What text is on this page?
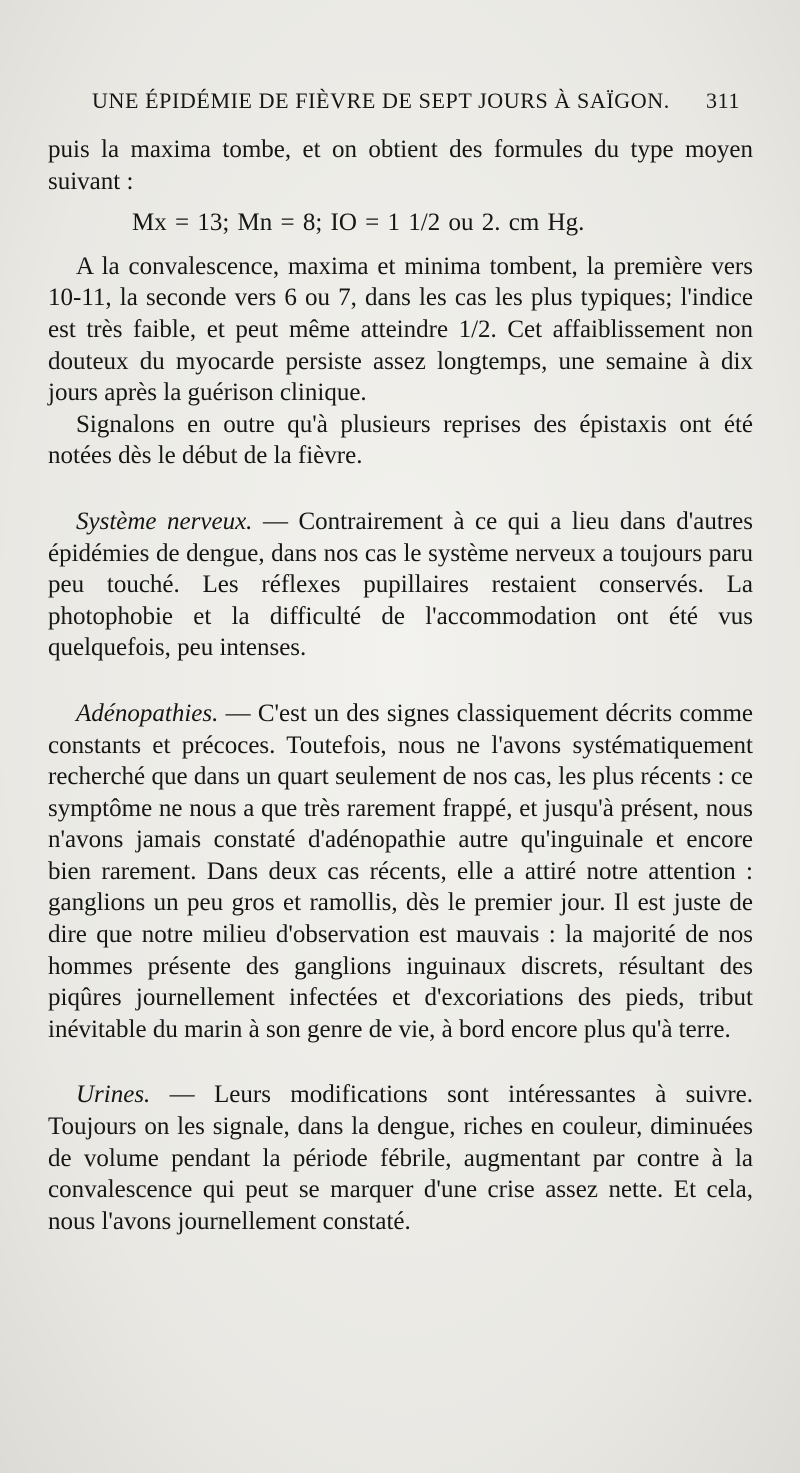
UNE ÉPIDÉMIE DE FIÈVRE DE SEPT JOURS À SAÏGON. 311

puis la maxima tombe, et on obtient des formules du type moyen suivant :

Mx = 13; Mn = 8; IO = 1 1/2 ou 2. cm Hg.

A la convalescence, maxima et minima tombent, la première vers 10-11, la seconde vers 6 ou 7, dans les cas les plus typiques; l'indice est très faible, et peut même atteindre 1/2. Cet affaiblissement non douteux du myocarde persiste assez longtemps, une semaine à dix jours après la guérison clinique.

Signalons en outre qu'à plusieurs reprises des épistaxis ont été notées dès le début de la fièvre.

Système nerveux. — Contrairement à ce qui a lieu dans d'autres épidémies de dengue, dans nos cas le système nerveux a toujours paru peu touché. Les réflexes pupillaires restaient conservés. La photophobie et la difficulté de l'accommodation ont été vus quelquefois, peu intenses.

Adénopathies. — C'est un des signes classiquement décrits comme constants et précoces. Toutefois, nous ne l'avons systématiquement recherché que dans un quart seulement de nos cas, les plus récents : ce symptôme ne nous a que très rarement frappé, et jusqu'à présent, nous n'avons jamais constaté d'adénopathie autre qu'inguinale et encore bien rarement. Dans deux cas récents, elle a attiré notre attention : ganglions un peu gros et ramollis, dès le premier jour. Il est juste de dire que notre milieu d'observation est mauvais : la majorité de nos hommes présente des ganglions inguinaux discrets, résultant des piqûres journellement infectées et d'excoriations des pieds, tribut inévitable du marin à son genre de vie, à bord encore plus qu'à terre.

Urines. — Leurs modifications sont intéressantes à suivre. Toujours on les signale, dans la dengue, riches en couleur, diminuées de volume pendant la période fébrile, augmentant par contre à la convalescence qui peut se marquer d'une crise assez nette. Et cela, nous l'avons journellement constaté.
